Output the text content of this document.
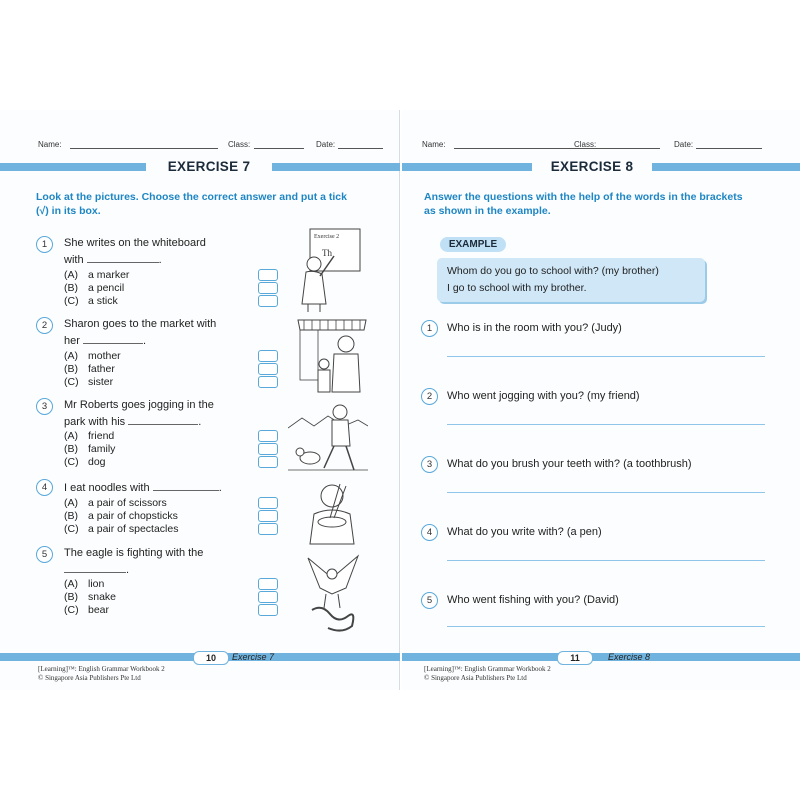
Name:	Class:	Date:
EXERCISE 7
Look at the pictures. Choose the correct answer and put a tick
(√) in its box.
1	She writes on the whiteboard
with	.
(A) a marker
(B) a pencil
(C) a stick
2	Sharon goes to the market with
her	.
(A) mother
(B) father
(C) sister
3	Mr Roberts goes jogging in the
park with his	.
(A) friend
(B) family
(C) dog
4	I eat noodles with	.
(A) a pair of scissors
(B) a pair of chopsticks
(C) a pair of spectacles
5	The eagle is fighting with the
.
(A) lion
(B) snake
(C) bear
Exercise 2
Th
10	Exercise 7
[Learning]™: English Grammar Workbook 2
© Singapore Asia Publishers Pte Ltd
Name:	Class:	Date:
EXERCISE 8
Answer the questions with the help of the words in the brackets
as shown in the example.
EXAMPLE
Whom do you go to school with? (my brother)
I go to school with my brother.
1	Who is in the room with you? (Judy)
2	Who went jogging with you? (my friend)
3	What do you brush your teeth with? (a toothbrush)
4	What do you write with? (a pen)
5	Who went fishing with you? (David)
11	Exercise 8
[Learning]™: English Grammar Workbook 2
© Singapore Asia Publishers Pte Ltd
